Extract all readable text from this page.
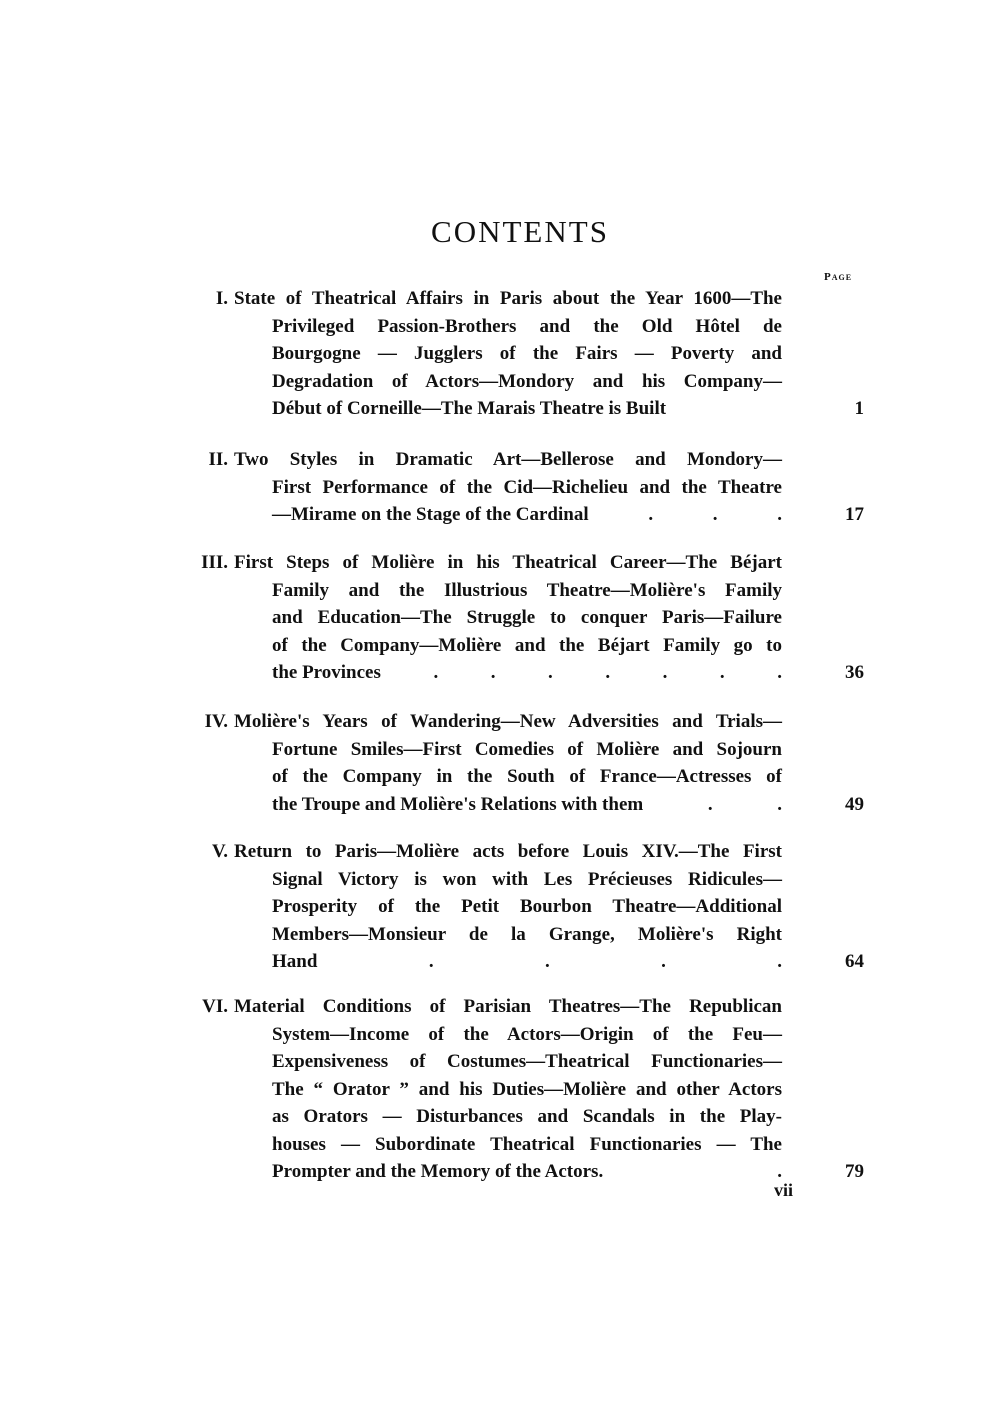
CONTENTS
Page
I. State of Theatrical Affairs in Paris about the Year 1600—The
Privileged Passion-Brothers and the Old Hôtel de
Bourgogne — Jugglers of the Fairs — Poverty and
Degradation of Actors—Mondory and his Company—
Début of Corneille—The Marais Theatre is Built	1
II. Two Styles in Dramatic Art—Bellerose and Mondory—
First Performance of the Cid—Richelieu and the Theatre
—Mirame on the Stage of the Cardinal	.	.	.	17
III. First Steps of Molière in his Theatrical Career—The Béjart
Family and the Illustrious Theatre—Molière's Family
and Education—The Struggle to conquer Paris—Failure
of the Company—Molière and the Béjart Family go to
the Provinces	.	.	.	.	.	.	.	36
IV. Molière's Years of Wandering—New Adversities and Trials—
Fortune Smiles—First Comedies of Molière and Sojourn
of the Company in the South of France—Actresses of
the Troupe and Molière's Relations with them	.	.	49
V. Return to Paris—Molière acts before Louis XIV.—The First
Signal Victory is won with Les Précieuses Ridicules—
Prosperity of the Petit Bourbon Theatre—Additional
Members—Monsieur de la Grange, Molière's Right
Hand	.	.	.	.	64
VI. Material Conditions of Parisian Theatres—The Republican
System—Income of the Actors—Origin of the Feu—
Expensiveness of Costumes—Theatrical Functionaries—
The “ Orator ” and his Duties—Molière and other Actors
as Orators — Disturbances and Scandals in the Play-
houses — Subordinate Theatrical Functionaries — The
Prompter and the Memory of the Actors.	.	79
vii
